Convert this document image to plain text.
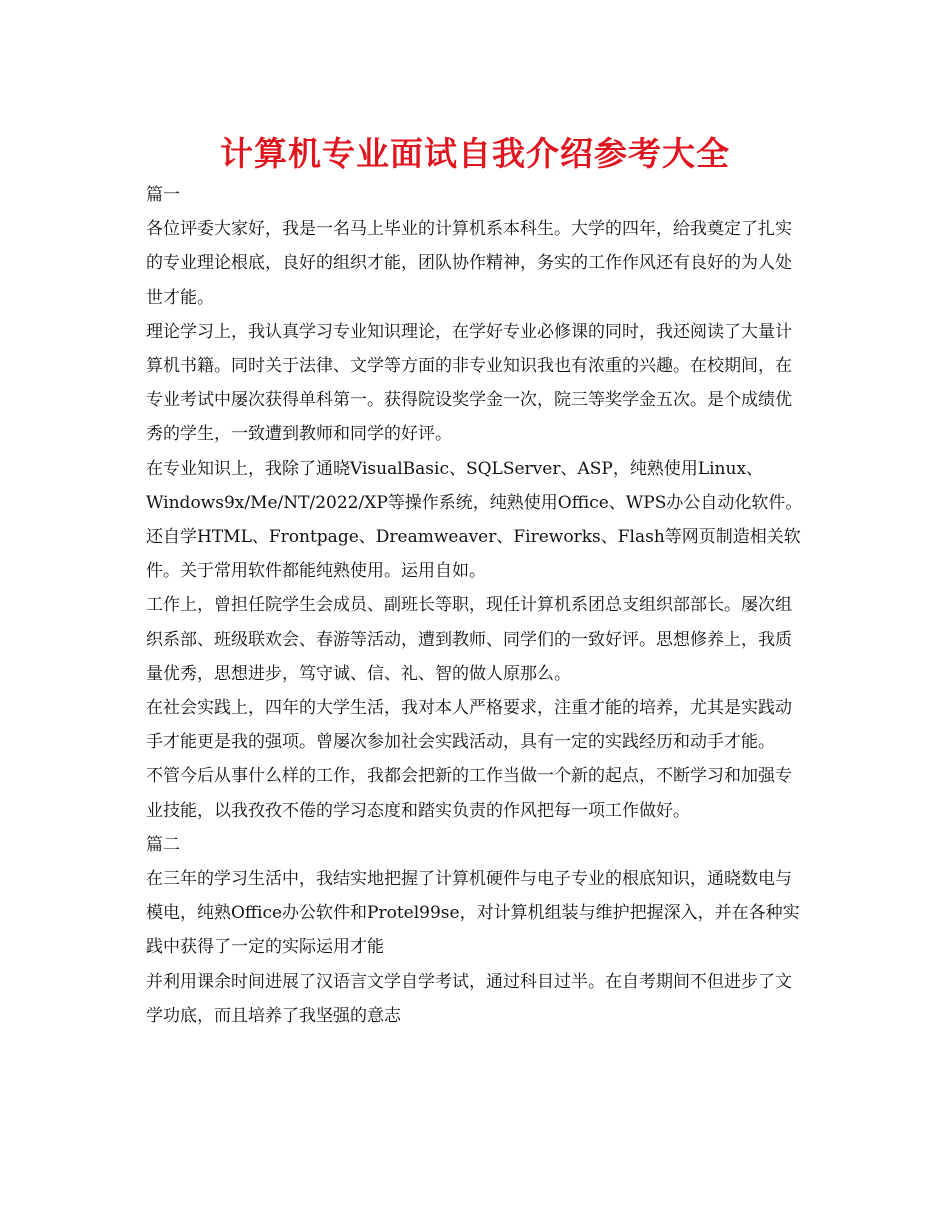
计算机专业面试自我介绍参考大全

篇一

各位评委大家好，我是一名马上毕业的计算机系本科生。大学的四年，给我奠定了扎实的专业理论根底，良好的组织才能，团队协作精神，务实的工作作风还有良好的为人处世才能。

理论学习上，我认真学习专业知识理论，在学好专业必修课的同时，我还阅读了大量计算机书籍。同时关于法律、文学等方面的非专业知识我也有浓重的兴趣。在校期间，在专业考试中屡次获得单科第一。获得院设奖学金一次，院三等奖学金五次。是个成绩优秀的学生，一致遭到教师和同学的好评。

在专业知识上，我除了通晓VisualBasic、SQLServer、ASP，纯熟使用Linux、Windows9x/Me/NT/2022/XP等操作系统，纯熟使用Office、WPS办公自动化软件。还自学HTML、Frontpage、Dreamweaver、Fireworks、Flash等网页制造相关软件。关于常用软件都能纯熟使用。运用自如。

工作上，曾担任院学生会成员、副班长等职，现任计算机系团总支组织部部长。屡次组织系部、班级联欢会、春游等活动，遭到教师、同学们的一致好评。思想修养上，我质量优秀，思想进步，笃守诚、信、礼、智的做人原那么。

在社会实践上，四年的大学生活，我对本人严格要求，注重才能的培养，尤其是实践动手才能更是我的强项。曾屡次参加社会实践活动，具有一定的实践经历和动手才能。

不管今后从事什么样的工作，我都会把新的工作当做一个新的起点，不断学习和加强专业技能，以我孜孜不倦的学习态度和踏实负责的作风把每一项工作做好。

篇二

在三年的学习生活中，我结实地把握了计算机硬件与电子专业的根底知识，通晓数电与模电，纯熟Office办公软件和Protel99se，对计算机组装与维护把握深入，并在各种实践中获得了一定的实际运用才能

并利用课余时间进展了汉语言文学自学考试，通过科目过半。在自考期间不但进步了文学功底，而且培养了我坚强的意志
